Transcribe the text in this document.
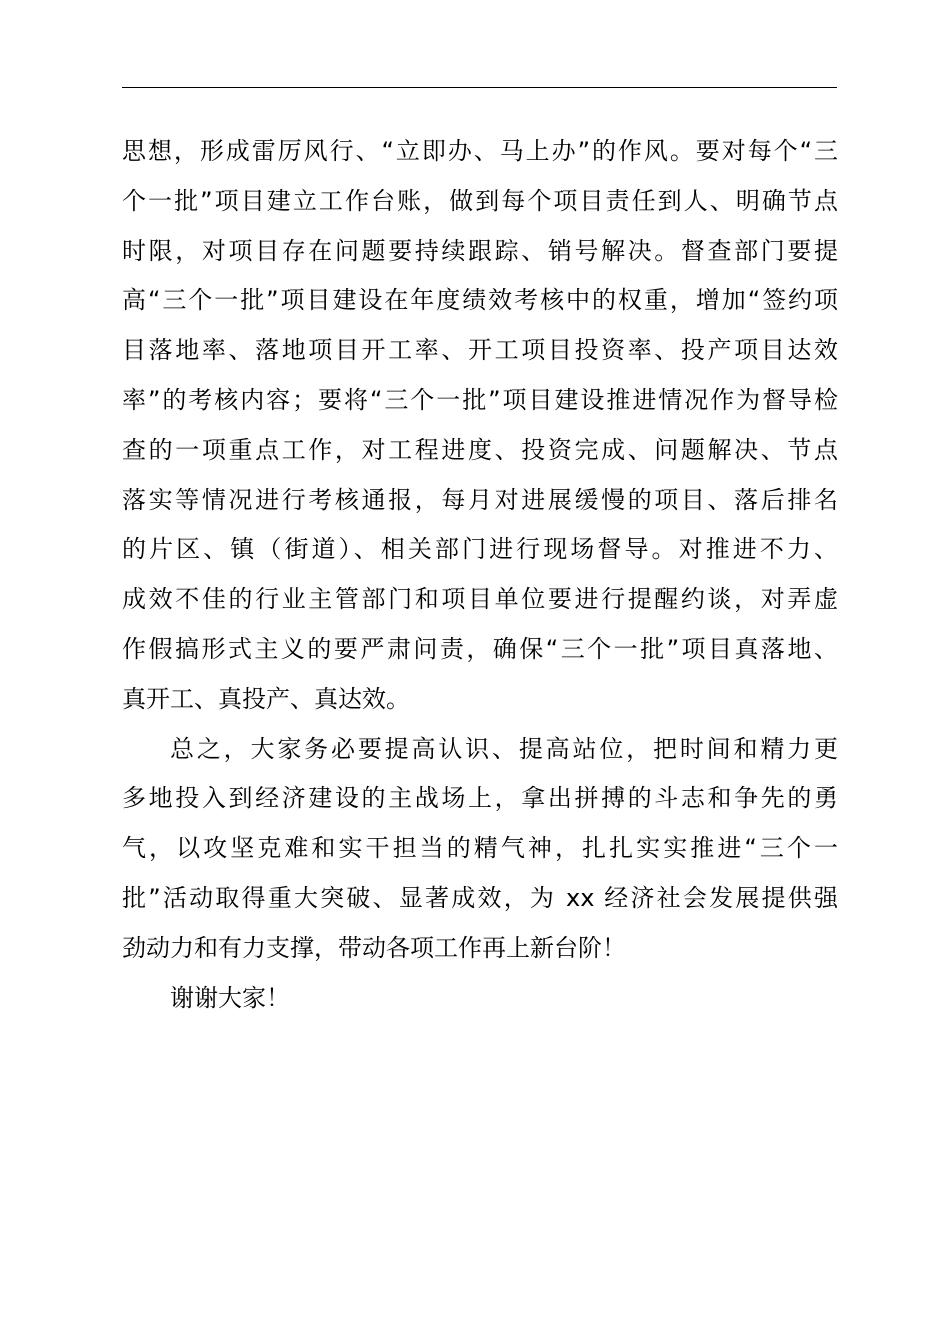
思想，形成雷厉风行、“立即办、马上办”的作风。要对每个“三
个一批”项目建立工作台账，做到每个项目责任到人、明确节点
时限，对项目存在问题要持续跟踪、销号解决。督查部门要提
高“三个一批”项目建设在年度绩效考核中的权重，增加“签约项
目落地率、落地项目开工率、开工项目投资率、投产项目达效
率”的考核内容；要将“三个一批”项目建设推进情况作为督导检
查的一项重点工作，对工程进度、投资完成、问题解决、节点
落实等情况进行考核通报，每月对进展缓慢的项目、落后排名
的片区、镇（街道）、相关部门进行现场督导。对推进不力、
成效不佳的行业主管部门和项目单位要进行提醒约谈，对弄虚
作假搞形式主义的要严肃问责，确保“三个一批”项目真落地、
真开工、真投产、真达效。
总之，大家务必要提高认识、提高站位，把时间和精力更
多地投入到经济建设的主战场上，拿出拼搏的斗志和争先的勇
气，以攻坚克难和实干担当的精气神，扎扎实实推进“三个一
批”活动取得重大突破、显著成效，为 xx 经济社会发展提供强
劲动力和有力支撑，带动各项工作再上新台阶！
谢谢大家！
